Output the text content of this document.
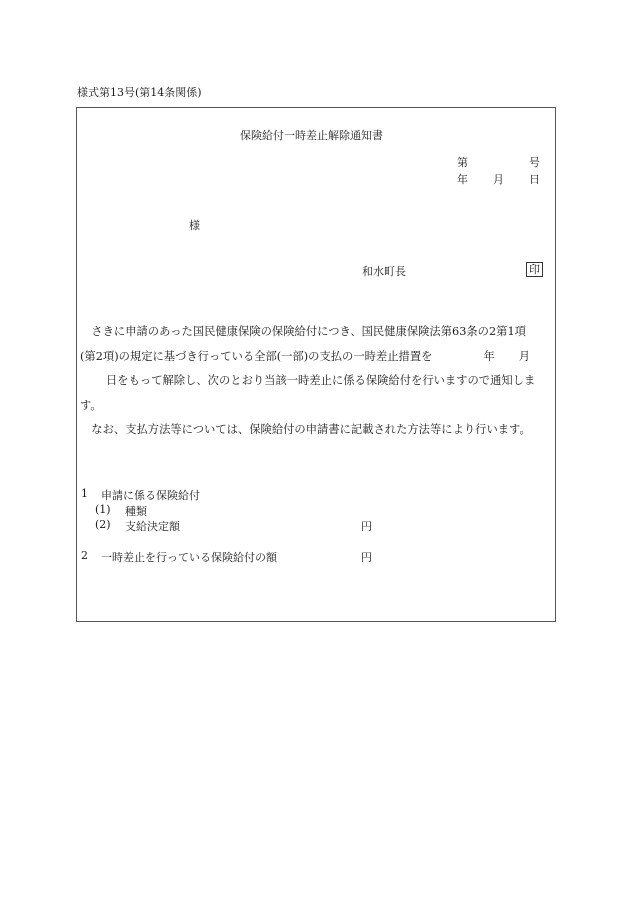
様式第13号(第14条関係)
保険給付一時差止解除通知書
第	号
年 月 日
様
和水町長	印

さきに申請のあった国民健康保険の保険給付につき、国民健康保険法第63条の2第1項

(第2項)の規定に基づき行っている全部(一部)の支払の一時差止措置を	年 月

日をもって解除し、次のとおり当該一時差止に係る保険給付を行いますので通知しま

す。

なお、支払方法等については、保険給付の申請書に記載された方法等により行います。

1 申請に係る保険給付
(1) 種類
(2) 支給決定額	円
2 一時差止を行っている保険給付の額	円
